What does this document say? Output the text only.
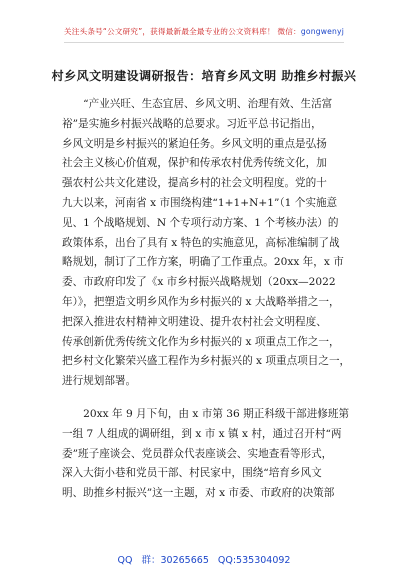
关注头条号“公文研究”，获得最新最全最专业的公文资料库！ 微信：gongwenyj
村乡风文明建设调研报告：培育乡风文明 助推乡村振兴
　　“产业兴旺、生态宜居、乡风文明、治理有效、生活富
裕”是实施乡村振兴战略的总要求。习近平总书记指出，
乡风文明是乡村振兴的紧迫任务。乡风文明的重点是弘扬
社会主义核心价值观，保护和传承农村优秀传统文化，加
强农村公共文化建设，提高乡村的社会文明程度。党的十
九大以来，河南省 x 市围绕构建“1+1+N+1”（1 个实施意
见、1 个战略规划、N 个专项行动方案、1 个考核办法）的
政策体系，出台了具有 x 特色的实施意见，高标准编制了战
略规划，制订了工作方案，明确了工作重点。20xx 年，x 市
委、市政府印发了《x 市乡村振兴战略规划（20xx—2022
年）》，把塑造文明乡风作为乡村振兴的 x 大战略举措之一，
把深入推进农村精神文明建设、提升农村社会文明程度、
传承创新优秀传统文化作为乡村振兴的 x 项重点工作之一，
把乡村文化繁荣兴盛工程作为乡村振兴的 x 项重点项目之一，
进行规划部署。
　　20xx 年 9 月下旬，由 x 市第 36 期正科级干部进修班第
一组 7 人组成的调研组，到 x 市 x 镇 x 村，通过召开村“两
委”班子座谈会、党员群众代表座谈会、实地查看等形式，
深入大街小巷和党员干部、村民家中，围绕“培育乡风文
明、助推乡村振兴”这一主题，对 x 市委、市政府的决策部
QQ 群：30265665 QQ:535304092
